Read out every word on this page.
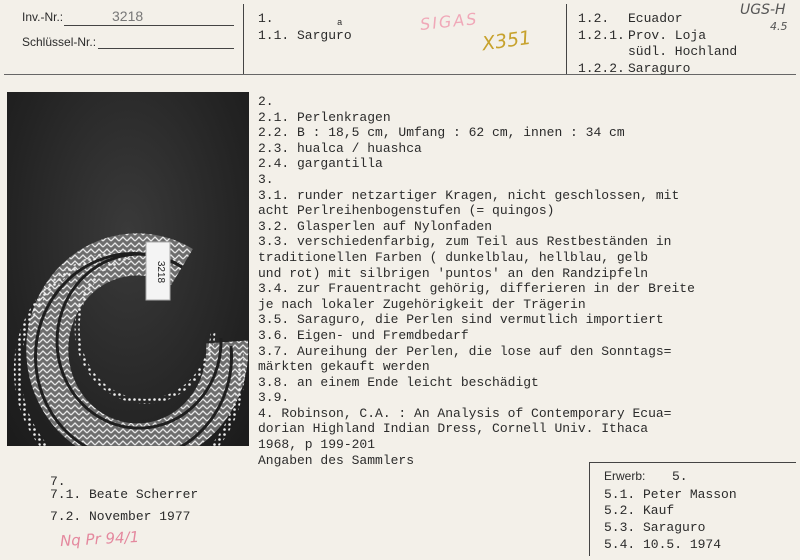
Inv.-Nr.:	3218
Schlüssel-Nr.:
1.
1.1. Sarguro
a	SIGAS
X351
1.2. Ecuador
1.2.1. Prov. Loja
südl. Hochland
1.2.2. Saraguro
UGS-H
4.5
3218
2.
2.1. Perlenkragen
2.2. B : 18,5 cm, Umfang : 62 cm, innen : 34 cm
2.3. hualca / huashca
2.4. gargantilla
3.
3.1. runder netzartiger Kragen, nicht geschlossen, mit
acht Perlreihenbogenstufen (= quingos)
3.2. Glasperlen auf Nylonfaden
3.3. verschiedenfarbig, zum Teil aus Restbeständen in
traditionellen Farben ( dunkelblau, hellblau, gelb
und rot) mit silbrigen 'puntos' an den Randzipfeln
3.4. zur Frauentracht gehörig, differieren in der Breite
je nach lokaler Zugehörigkeit der Trägerin
3.5. Saraguro, die Perlen sind vermutlich importiert
3.6. Eigen- und Fremdbedarf
3.7. Aureihung der Perlen, die lose auf den Sonntags=
märkten gekauft werden
3.8. an einem Ende leicht beschädigt
3.9.
4. Robinson, C.A. : An Analysis of Contemporary Ecua=
dorian Highland Indian Dress, Cornell Univ. Ithaca
1968, p 199-201
Angaben des Sammlers
7.
7.1. Beate Scherrer
7.2. November 1977
Nq Pr 94/1
Erwerb: 5.
5.1. Peter Masson
5.2. Kauf
5.3. Saraguro
5.4. 10.5. 1974
